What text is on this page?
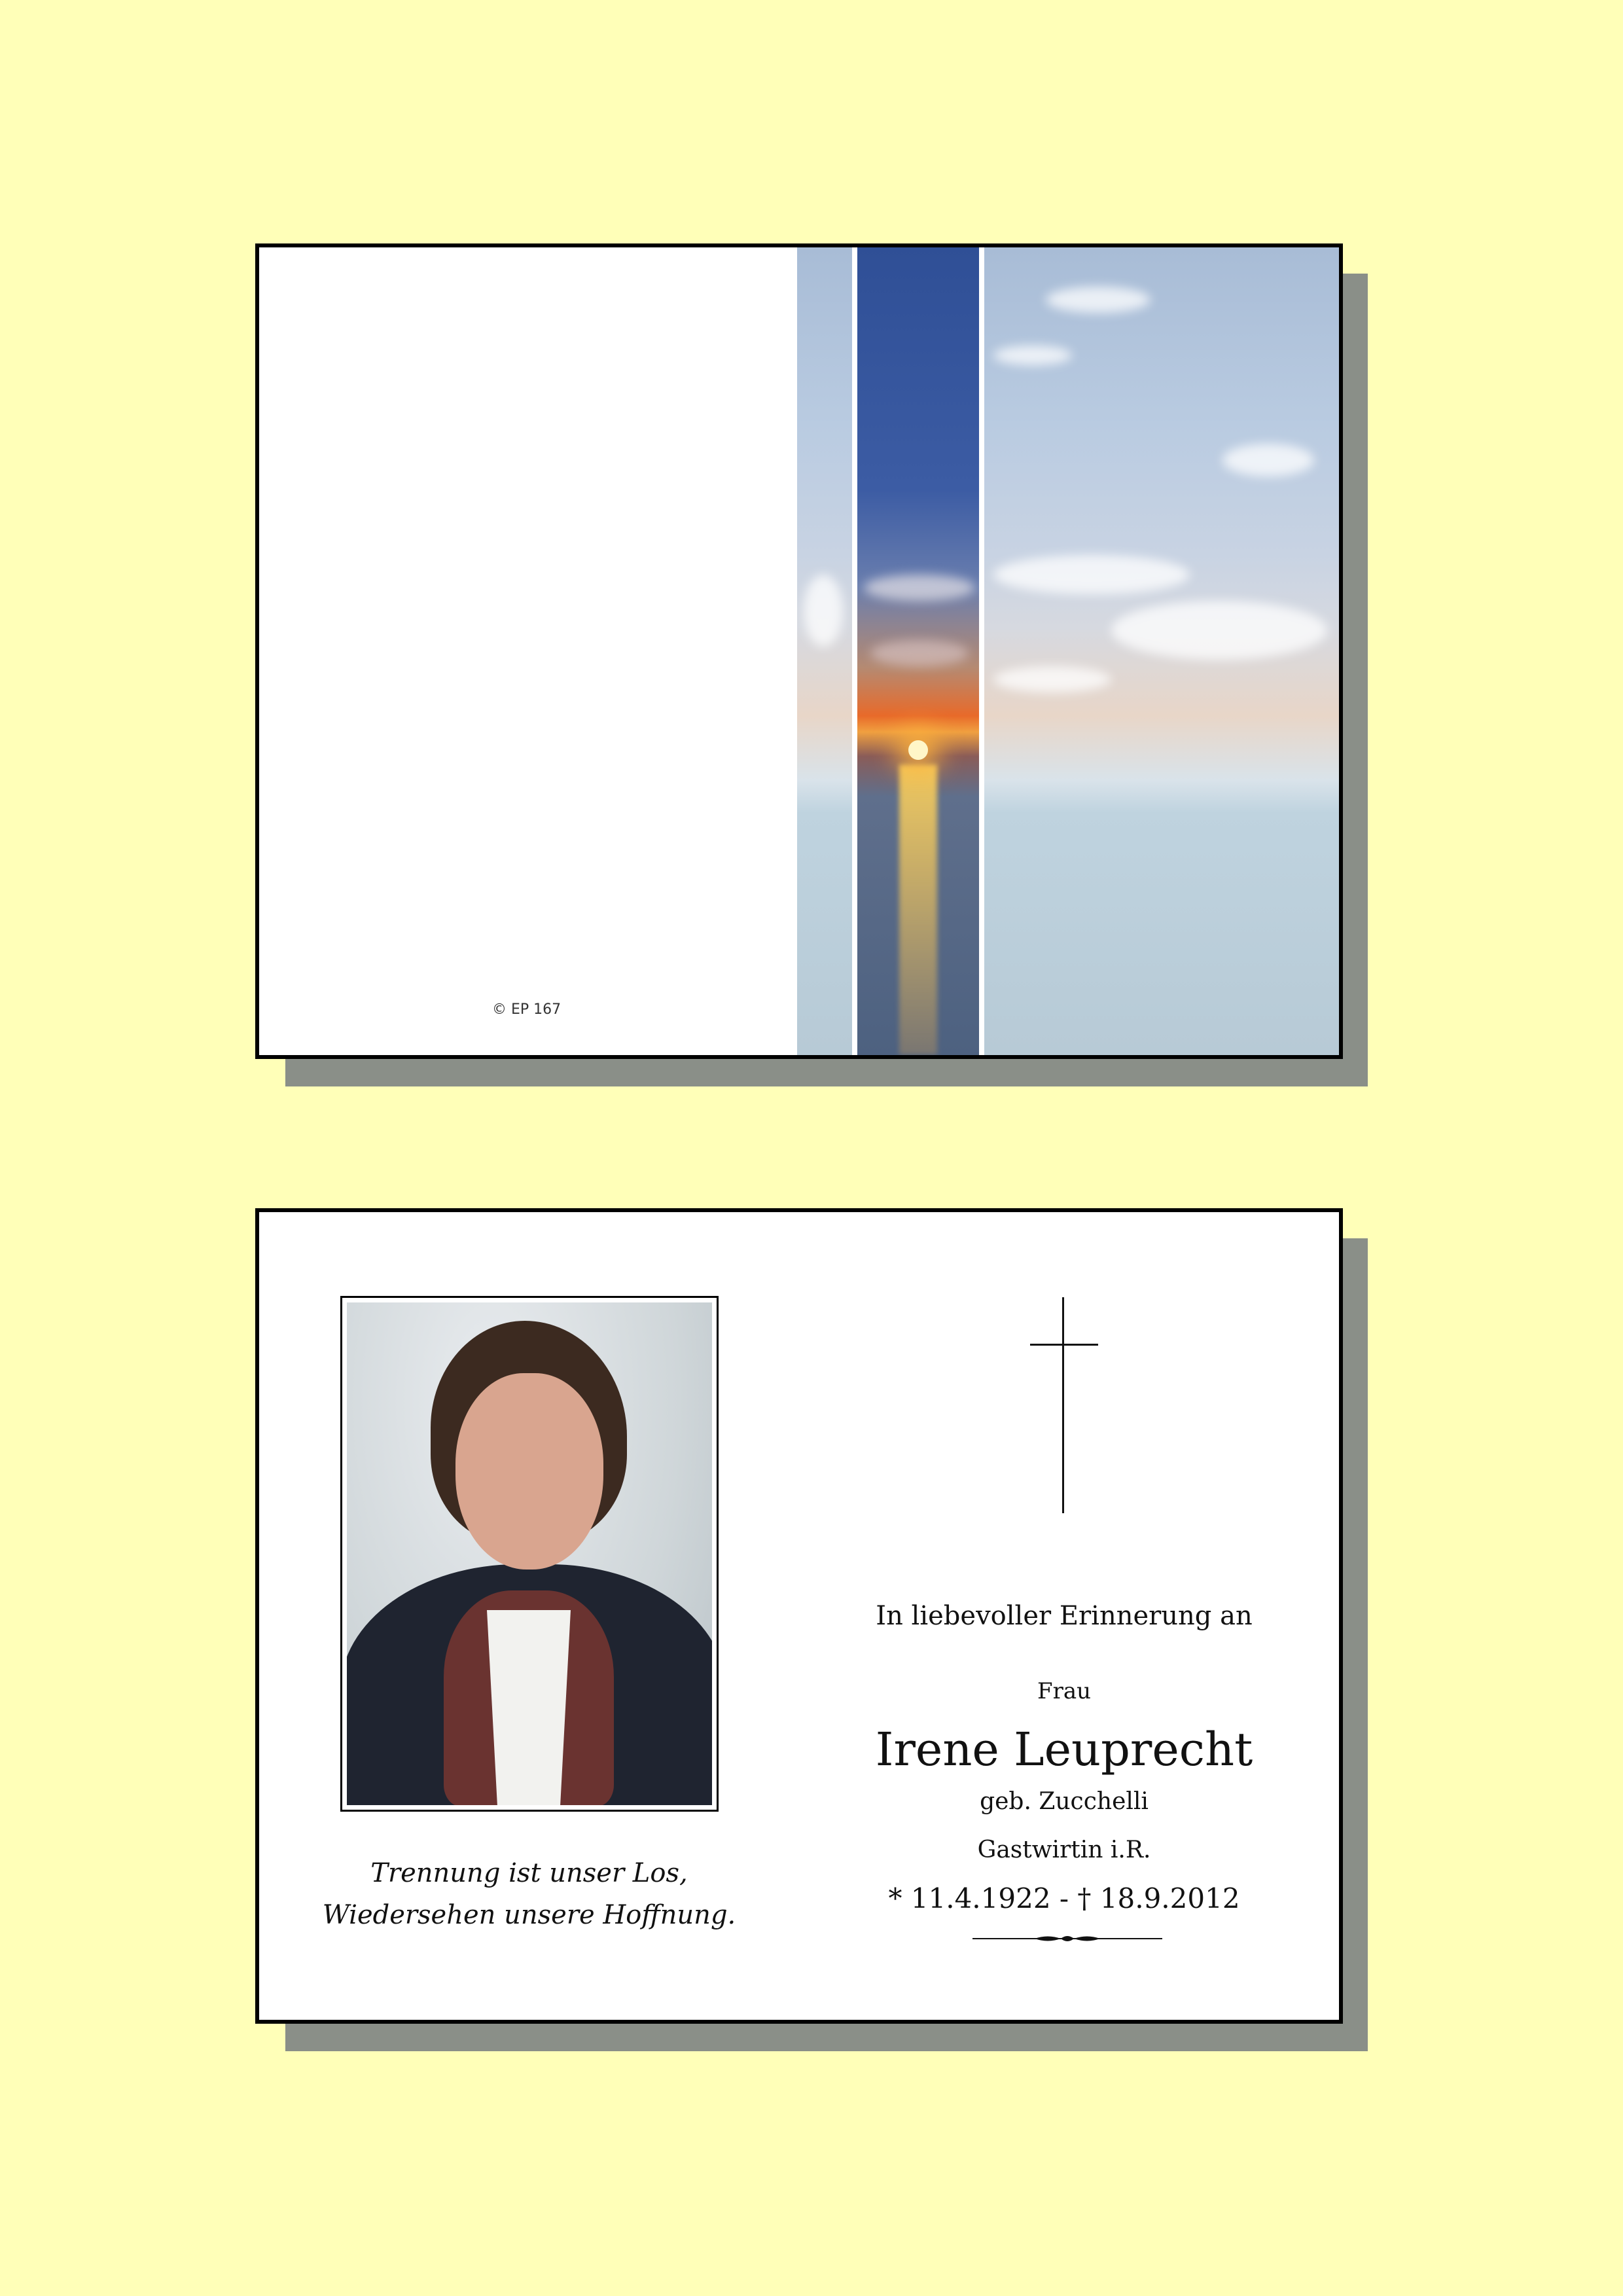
© EP 167
Trennung ist unser Los,
Wiedersehen unsere Hoffnung.
In liebevoller Erinnerung an
Frau
Irene Leuprecht
geb. Zucchelli
Gastwirtin i.R.
* 11.4.1922 - † 18.9.2012
